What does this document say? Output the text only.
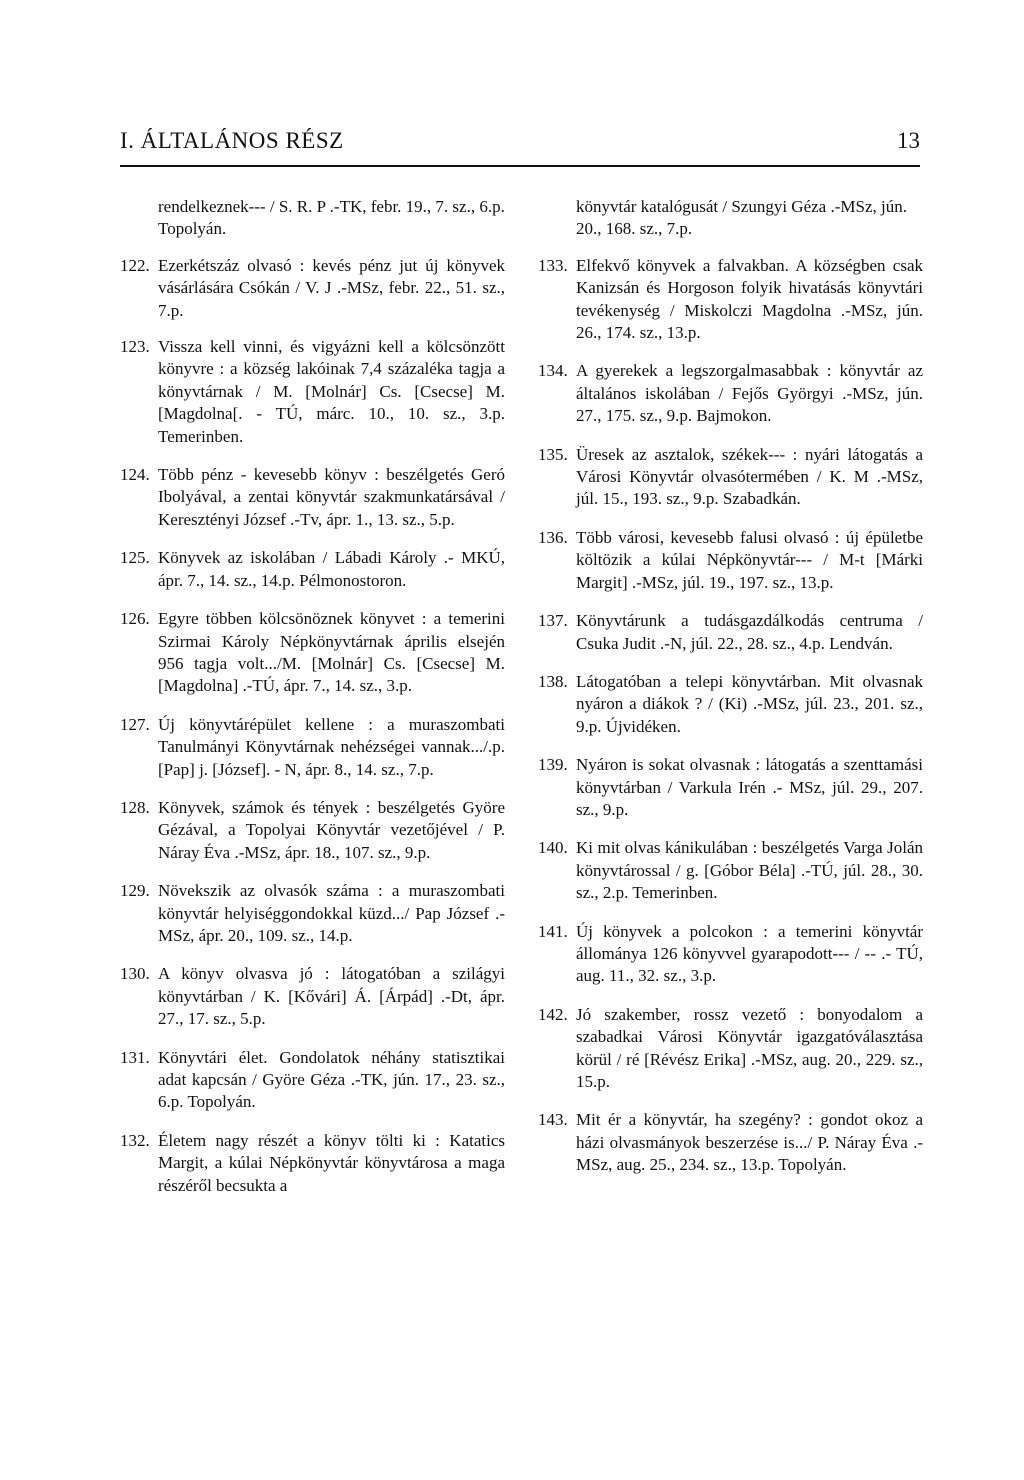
I. ÁLTALÁNOS RÉSZ	13
rendelkeznek--- / S. R. P .-TK, febr. 19., 7. sz., 6.p. Topolyán.
122. Ezerkétszáz olvasó : kevés pénz jut új könyvek vásárlására Csókán / V. J .-MSz, febr. 22., 51. sz., 7.p.
123. Vissza kell vinni, és vigyázni kell a kölcsönzött könyvre : a község lakóinak 7,4 százaléka tagja a könyvtárnak / M. [Molnár] Cs. [Csecse] M. [Magdolna[. - TÚ, márc. 10., 10. sz., 3.p. Temerinben.
124. Több pénz - kevesebb könyv : beszélgetés Geró Ibolyával, a zentai könyvtár szakmunkatársával / Keresztényi József .-Tv, ápr. 1., 13. sz., 5.p.
125. Könyvek az iskolában / Lábadi Károly .- MKÚ, ápr. 7., 14. sz., 14.p. Pélmonostoron.
126. Egyre többen kölcsönöznek könyvet : a temerini Szirmai Károly Népkönyvtárnak április elsején 956 tagja volt.../M. [Molnár] Cs. [Csecse] M. [Magdolna] .-TÚ, ápr. 7., 14. sz., 3.p.
127. Új könyvtárépület kellene : a muraszombati Tanulmányi Könyvtárnak nehézségei vannak.../.p. [Pap] j. [József]. - N, ápr. 8., 14. sz., 7.p.
128. Könyvek, számok és tények : beszélgetés Györe Gézával, a Topolyai Könyvtár vezetőjével / P. Náray Éva .-MSz, ápr. 18., 107. sz., 9.p.
129. Növekszik az olvasók száma : a muraszombati könyvtár helyiséggondokkal küzd.../ Pap József .-MSz, ápr. 20., 109. sz., 14.p.
130. A könyv olvasva jó : látogatóban a szilágyi könyvtárban / K. [Kővári] Á. [Árpád] .-Dt, ápr. 27., 17. sz., 5.p.
131. Könyvtári élet. Gondolatok néhány statisztikai adat kapcsán / Györe Géza .-TK, jún. 17., 23. sz., 6.p. Topolyán.
132. Életem nagy részét a könyv tölti ki : Katatics Margit, a kúlai Népkönyvtár könyvtárosa a maga részéről becsukta a
könyvtár katalógusát / Szungyi Géza .-MSz, jún. 20., 168. sz., 7.p.
133. Elfekvő könyvek a falvakban. A községben csak Kanizsán és Horgoson folyik hivatásás könyvtári tevékenység / Miskolczi Magdolna .-MSz, jún. 26., 174. sz., 13.p.
134. A gyerekek a legszorgalmasabbak : könyvtár az általános iskolában / Fejős Györgyi .-MSz, jún. 27., 175. sz., 9.p. Bajmokon.
135. Üresek az asztalok, székek--- : nyári látogatás a Városi Könyvtár olvasótermében / K. M .-MSz, júl. 15., 193. sz., 9.p. Szabadkán.
136. Több városi, kevesebb falusi olvasó : új épületbe költözik a kúlai Népkönyvtár--- / M-t [Márki Margit] .-MSz, júl. 19., 197. sz., 13.p.
137. Könyvtárunk a tudásgazdálkodás centruma / Csuka Judit .-N, júl. 22., 28. sz., 4.p. Lendván.
138. Látogatóban a telepi könyvtárban. Mit olvasnak nyáron a diákok ? / (Ki) .-MSz, júl. 23., 201. sz., 9.p. Újvidéken.
139. Nyáron is sokat olvasnak : látogatás a szenttamási könyvtárban / Varkula Irén .- MSz, júl. 29., 207. sz., 9.p.
140. Ki mit olvas kánikulában : beszélgetés Varga Jolán könyvtárossal / g. [Góbor Béla] .-TÚ, júl. 28., 30. sz., 2.p. Temerinben.
141. Új könyvek a polcokon : a temerini könyvtár állománya 126 könyvvel gyarapodott--- / -- .- TÚ, aug. 11., 32. sz., 3.p.
142. Jó szakember, rossz vezető : bonyodalom a szabadkai Városi Könyvtár igazgatóválasztása körül / ré [Révész Erika] .-MSz, aug. 20., 229. sz., 15.p.
143. Mit ér a könyvtár, ha szegény? : gondot okoz a házi olvasmányok beszerzése is.../ P. Náray Éva .-MSz, aug. 25., 234. sz., 13.p. Topolyán.
